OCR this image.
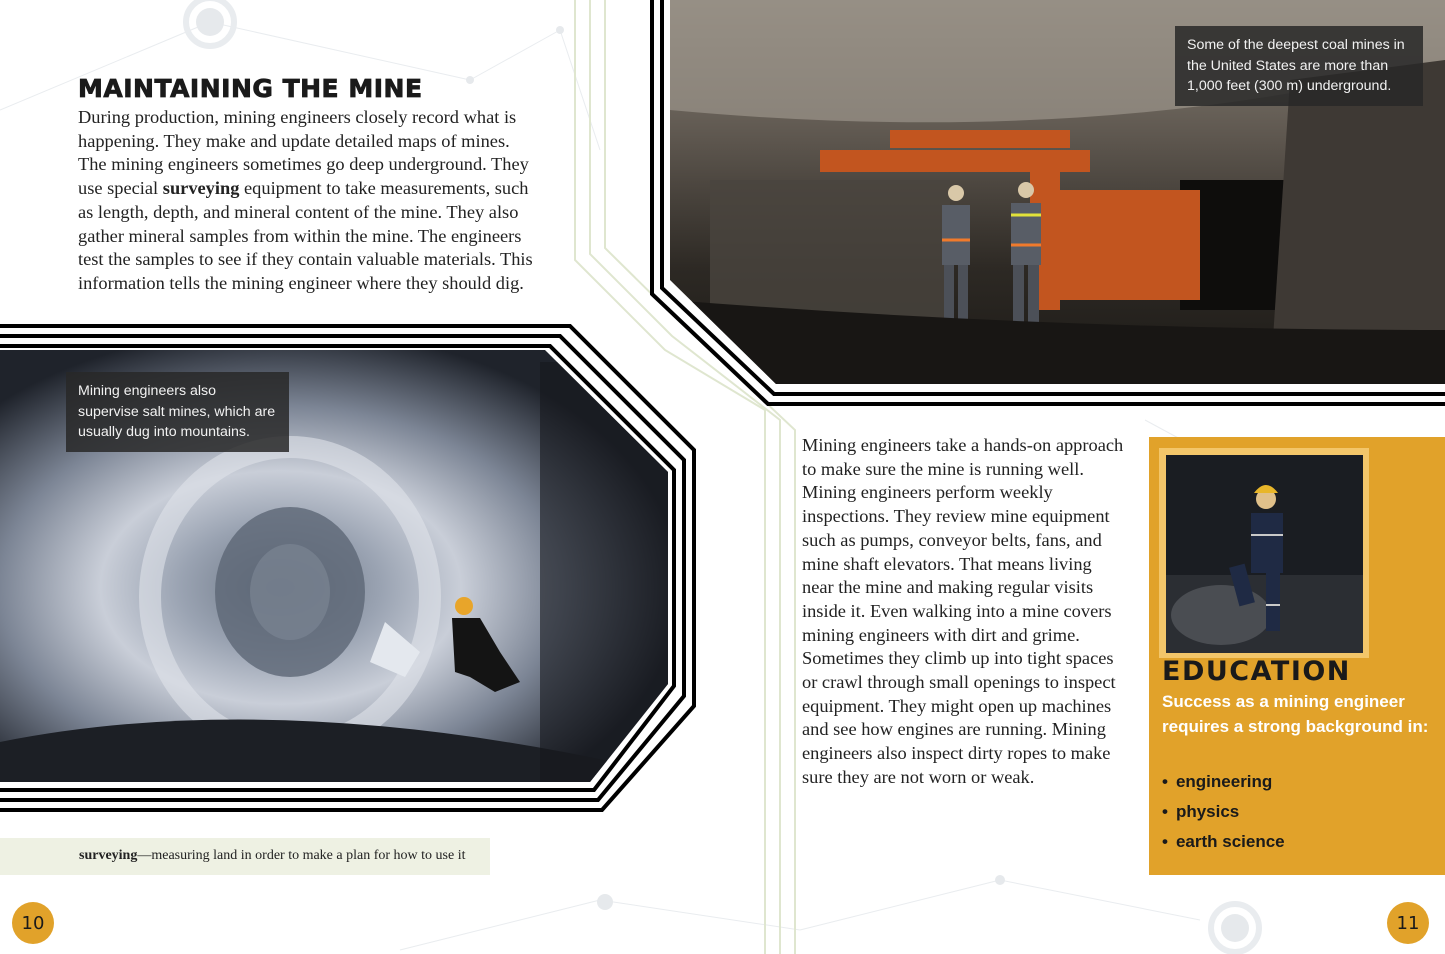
MAINTAINING THE MINE

During production, mining engineers closely record what is happening. They make and update detailed maps of mines. The mining engineers sometimes go deep underground. They use special surveying equipment to take measurements, such as length, depth, and mineral content of the mine. They also gather mineral samples from within the mine. The engineers test the samples to see if they contain valuable materials. This information tells the mining engineer where they should dig.

Mining engineers also supervise salt mines, which are usually dug into mountains.
surveying—measuring land in order to make a plan for how to use it
10
Some of the deepest coal mines in the United States are more than 1,000 feet (300 m) underground.

Mining engineers take a hands-on approach to make sure the mine is running well. Mining engineers perform weekly inspections. They review mine equipment such as pumps, conveyor belts, fans, and mine shaft elevators. That means living near the mine and making regular visits inside it. Even walking into a mine covers mining engineers with dirt and grime. Sometimes they climb up into tight spaces or crawl through small openings to inspect equipment. They might open up machines and see how engines are running. Mining engineers also inspect dirty ropes to make sure they are not worn or weak.

EDUCATION

Success as a mining engineer requires a strong background in:

• engineering
• physics
• earth science
11
